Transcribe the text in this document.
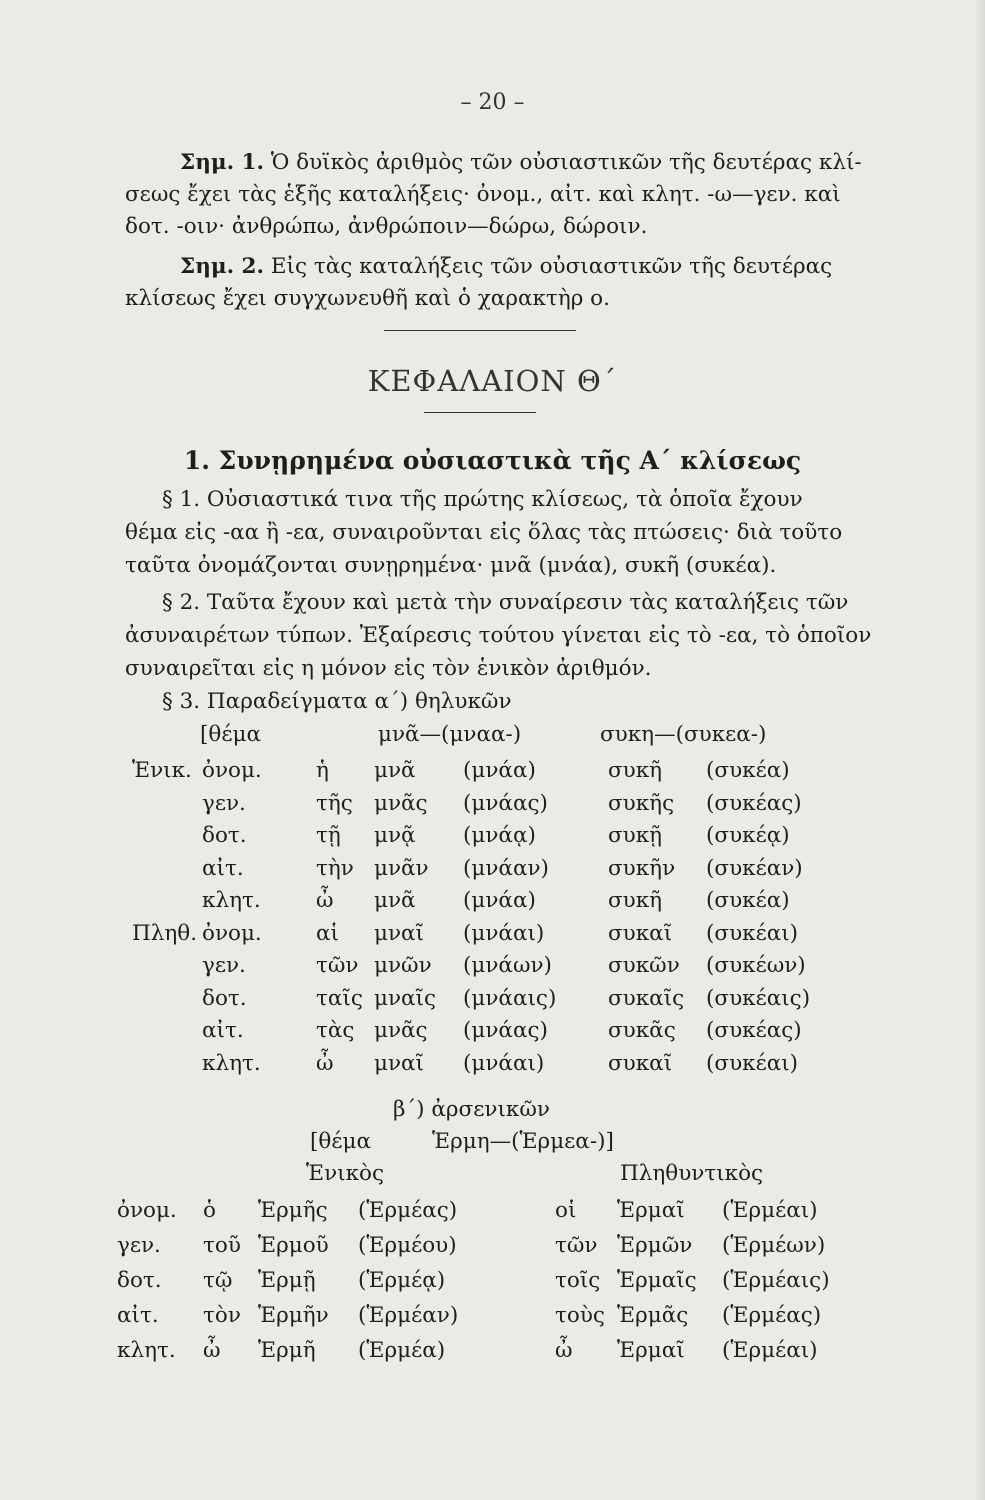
– 20 –
Σημ. 1. Ὁ δυϊκὸς ἀριθμὸς τῶν οὐσιαστικῶν τῆς δευτέρας κλί-
σεως ἔχει τὰς ἑξῆς καταλήξεις· ὀνομ., αἰτ. καὶ κλητ. -ω—γεν. καὶ
δοτ. -οιν· ἀνθρώπω, ἀνθρώποιν—δώρω, δώροιν.
Σημ. 2. Εἰς τὰς καταλήξεις τῶν οὐσιαστικῶν τῆς δευτέρας
κλίσεως ἔχει συγχωνευθῆ καὶ ὁ χαρακτὴρ ο.
ΚΕΦΑΛΑΙΟΝ Θ΄
1. Συνῃρημένα οὐσιαστικὰ τῆς Α΄ κλίσεως
§ 1. Οὐσιαστικά τινα τῆς πρώτης κλίσεως, τὰ ὁποῖα ἔχουν
θέμα εἰς -αα ἢ -εα, συναιροῦνται εἰς ὅλας τὰς πτώσεις· διὰ τοῦτο
ταῦτα ὀνομάζονται συνῃρημένα· μνᾶ (μνάα), συκῆ (συκέα).
§ 2. Ταῦτα ἔχουν καὶ μετὰ τὴν συναίρεσιν τὰς καταλήξεις τῶν
ἀσυναιρέτων τύπων. Ἐξαίρεσις τούτου γίνεται εἰς τὸ -εα, τὸ ὁποῖον
συναιρεῖται εἰς η μόνον εἰς τὸν ἑνικὸν ἀριθμόν.
§ 3. Παραδείγματα α΄) θηλυκῶν
[θέμα	μνᾶ—(μναα-)	συκη—(συκεα-)
Ἑνικ. ὀνομ.	ἡ μνᾶ (μνάα)	συκῆ (συκέα)
γεν.	τῆς μνᾶς (μνάας)	συκῆς (συκέας)
δοτ.	τῇ μνᾷ (μνάᾳ)	συκῇ (συκέᾳ)
αἰτ.	τὴν μνᾶν (μνάαν)	συκῆν (συκέαν)
κλητ.	ὦ μνᾶ (μνάα)	συκῆ (συκέα)
Πληθ. ὀνομ.	αἱ μναῖ (μνάαι)	συκαῖ (συκέαι)
γεν.	τῶν μνῶν (μνάων)	συκῶν (συκέων)
δοτ.	ταῖς μναῖς (μνάαις) συκαῖς (συκέαις)
αἰτ.	τὰς μνᾶς (μνάας)	συκᾶς (συκέας)
κλητ.	ὦ μναῖ (μνάαι)	συκαῖ (συκέαι)
β΄) ἀρσενικῶν
[θέμα	Ἑρμη—(Ἑρμεα-)]
Ἑνικὸς	Πληθυντικὸς
ὀνομ. ὁ Ἑρμῆς (Ἑρμέας)	οἱ Ἑρμαῖ (Ἑρμέαι)
γεν. τοῦ Ἑρμοῦ (Ἑρμέου)	τῶν Ἑρμῶν (Ἑρμέων)
δοτ. τῷ Ἑρμῇ (Ἑρμέᾳ)	τοῖς Ἑρμαῖς (Ἑρμέαις)
αἰτ. τὸν Ἑρμῆν (Ἑρμέαν)	τοὺς Ἑρμᾶς (Ἑρμέας)
κλητ. ὦ Ἑρμῆ (Ἑρμέα)	ὦ Ἑρμαῖ (Ἑρμέαι)
